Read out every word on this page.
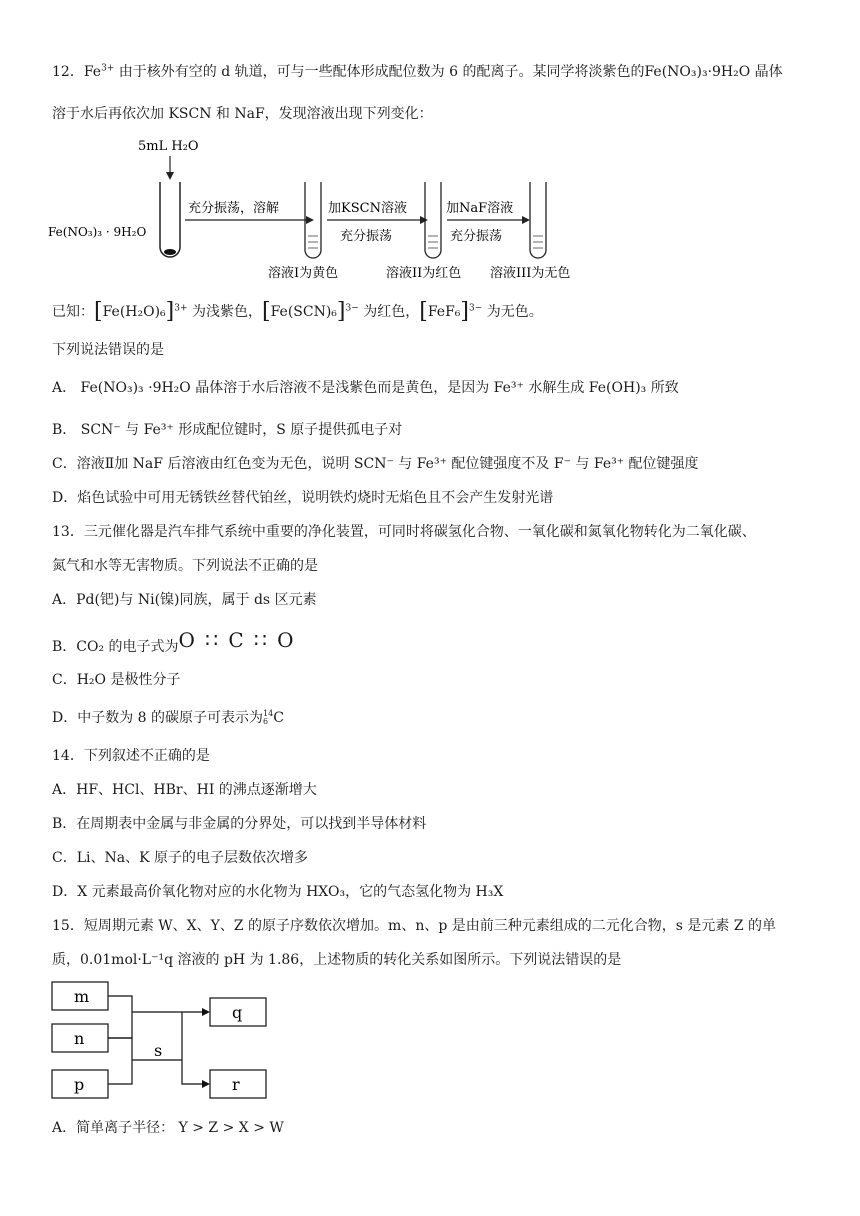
12．$Fe^{3+}$ 由于核外有空的 d 轨道，可与一些配体形成配位数为 6 的配离子。某同学将淡紫色的Fe(NO₃)₃·9H₂O 晶体
溶于水后再依次加 KSCN 和 NaF，发现溶液出现下列变化：
5mL H₂O
Fe(NO₃)₃ · 9H₂O
充分振荡，溶解	加KSCN溶液
充分振荡
加NaF溶液
充分振荡
溶液I为黄色	溶液II为红色 溶液III为无色
已知：$[Fe(H_2O)_6]^{3+}$ 为浅紫色，$[Fe(SCN)_6]^{3-}$ 为红色，$[FeF_6]^{3-}$ 为无色。
下列说法错误的是
A． Fe(NO₃)₃ ·9H₂O 晶体溶于水后溶液不是浅紫色而是黄色，是因为 Fe³⁺ 水解生成 Fe(OH)₃ 所致
B． SCN⁻ 与 Fe³⁺ 形成配位键时，S 原子提供孤电子对
C．溶液Ⅱ加 NaF 后溶液由红色变为无色，说明 SCN⁻ 与 Fe³⁺ 配位键强度不及 F⁻ 与 Fe³⁺ 配位键强度
D．焰色试验中可用无锈铁丝替代铂丝，说明铁灼烧时无焰色且不会产生发射光谱
13．三元催化器是汽车排气系统中重要的净化装置，可同时将碳氢化合物、一氧化碳和氮氧化物转化为二氧化碳、
氮气和水等无害物质。下列说法不正确的是
A．Pd(钯)与 Ni(镍)同族，属于 ds 区元素
B．CO₂ 的电子式为O ∷ C ∷ O
C．H₂O 是极性分子
D．中子数为 8 的碳原子可表示为 14
6 C
14．下列叙述不正确的是
A．HF、HCl、HBr、HI 的沸点逐渐增大
B．在周期表中金属与非金属的分界处，可以找到半导体材料
C．Li、Na、K 原子的电子层数依次增多
D．X 元素最高价氧化物对应的水化物为 HXO₃，它的气态氢化物为 H₃X
15．短周期元素 W、X、Y、Z 的原子序数依次增加。m、n、p 是由前三种元素组成的二元化合物，s 是元素 Z 的单
质，0.01mol·L⁻¹q 溶液的 pH 为 1.86，上述物质的转化关系如图所示。下列说法错误的是
m
n
p
q
r
s
A．简单离子半径： Y > Z > X > W
